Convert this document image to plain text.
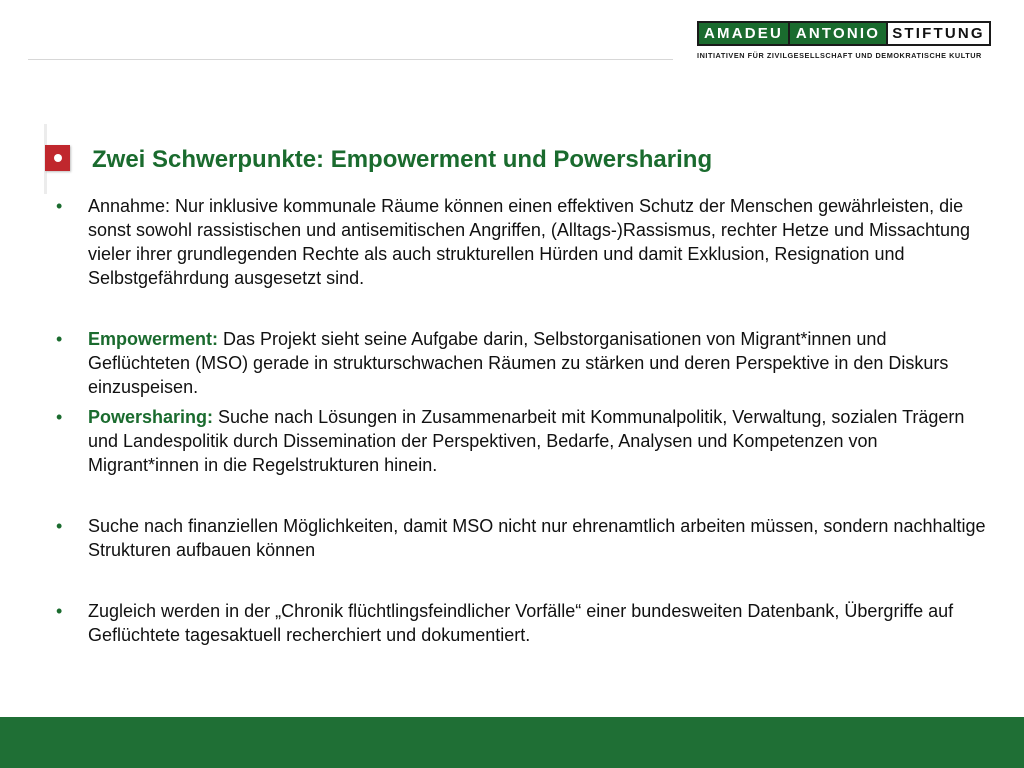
AMADEU ANTONIO STIFTUNG
INITIATIVEN FÜR ZIVILGESELLSCHAFT UND DEMOKRATISCHE KULTUR
Zwei Schwerpunkte: Empowerment und Powersharing
• Annahme: Nur inklusive kommunale Räume können einen effektiven Schutz der Menschen gewährleisten, die sonst sowohl rassistischen und antisemitischen Angriffen, (Alltags-)Rassismus, rechter Hetze und Missachtung vieler ihrer grundlegenden Rechte als auch strukturellen Hürden und damit Exklusion, Resignation und Selbstgefährdung ausgesetzt sind.
• Empowerment: Das Projekt sieht seine Aufgabe darin, Selbstorganisationen von Migrant*innen und Geflüchteten (MSO) gerade in strukturschwachen Räumen zu stärken und deren Perspektive in den Diskurs einzuspeisen.
• Powersharing: Suche nach Lösungen in Zusammenarbeit mit Kommunalpolitik, Verwaltung, sozialen Trägern und Landespolitik durch Dissemination der Perspektiven, Bedarfe, Analysen und Kompetenzen von Migrant*innen in die Regelstrukturen hinein.
• Suche nach finanziellen Möglichkeiten, damit MSO nicht nur ehrenamtlich arbeiten müssen, sondern nachhaltige Strukturen aufbauen können
• Zugleich werden in der „Chronik flüchtlingsfeindlicher Vorfälle“ einer bundesweiten Datenbank, Übergriffe auf Geflüchtete tagesaktuell recherchiert und dokumentiert.
